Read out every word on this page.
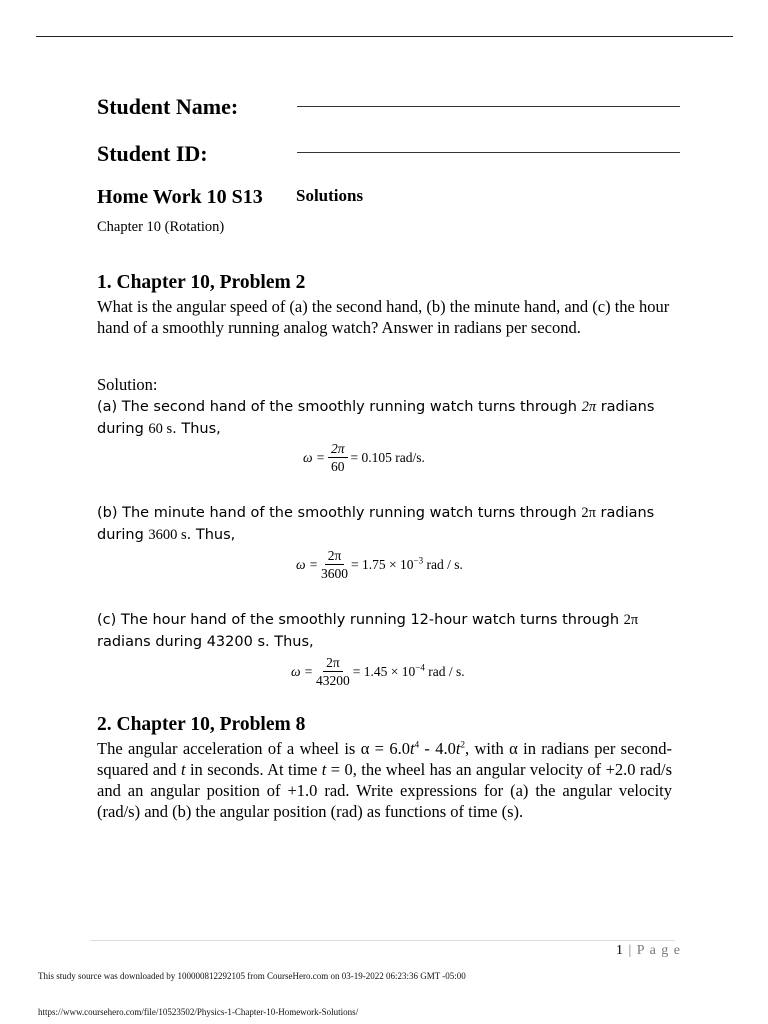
Student Name:
Student ID:
Home Work 10 S13 Solutions
Chapter 10 (Rotation)
1. Chapter 10, Problem 2
What is the angular speed of (a) the second hand, (b) the minute hand, and (c) the hour hand of a smoothly running analog watch? Answer in radians per second.
Solution:
(a) The second hand of the smoothly running watch turns through 2π radians during 60 s. Thus,
$\omega = \frac{2\pi}{60} = 0.105$ rad/s.
(b) The minute hand of the smoothly running watch turns through 2π radians during 3600 s. Thus,
$\omega = \frac{2\pi}{3600} = 1.75 \times 10^{-3}$ rad / s.
(c) The hour hand of the smoothly running 12-hour watch turns through 2π radians during 43200 s. Thus,
$\omega = \frac{2\pi}{43200} = 1.45 \times 10^{-4}$ rad / s.
2. Chapter 10, Problem 8
The angular acceleration of a wheel is $\alpha = 6.0t^4 - 4.0t^2$, with α in radians per second-squared and t in seconds. At time t = 0, the wheel has an angular velocity of +2.0 rad/s and an angular position of +1.0 rad. Write expressions for (a) the angular velocity (rad/s) and (b) the angular position (rad) as functions of time (s).
1 | P a g e
This study source was downloaded by 100000812292105 from CourseHero.com on 03-19-2022 06:23:36 GMT -05:00
https://www.coursehero.com/file/10523502/Physics-1-Chapter-10-Homework-Solutions/
